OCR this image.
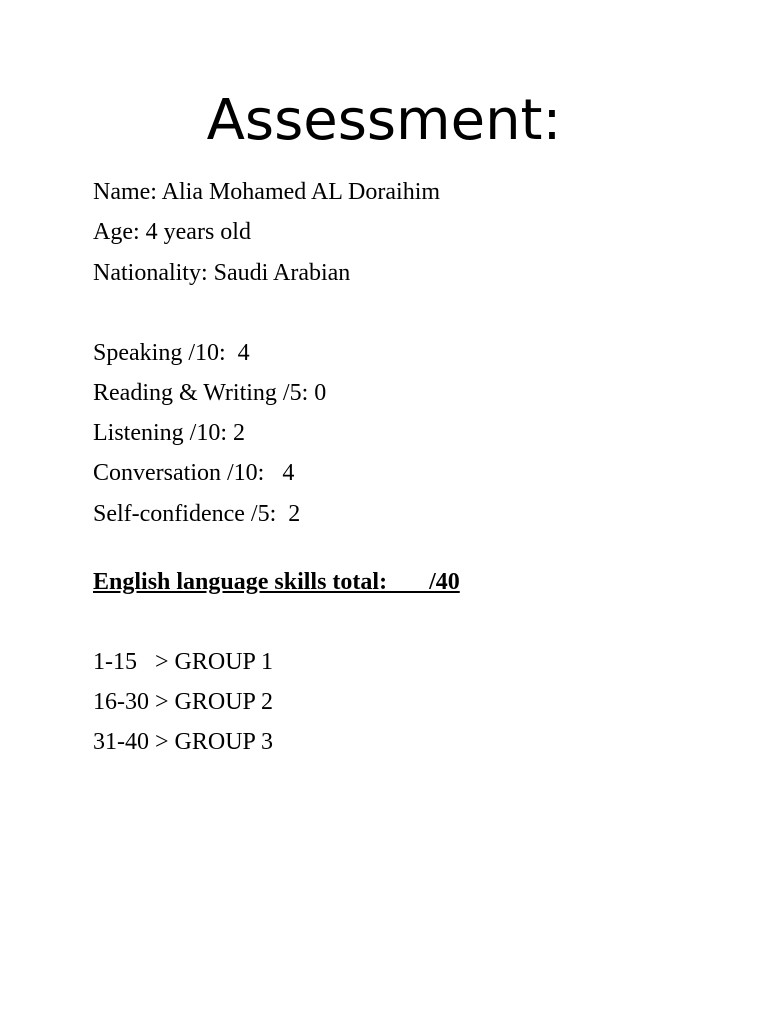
Assessment:
Name: Alia Mohamed AL Doraihim
Age: 4 years old
Nationality: Saudi Arabian
Speaking /10:  4
Reading & Writing /5: 0
Listening /10: 2
Conversation /10:   4
Self-confidence /5:  2
English language skills total:       /40
1-15   > GROUP 1
16-30 > GROUP 2
31-40 > GROUP 3
